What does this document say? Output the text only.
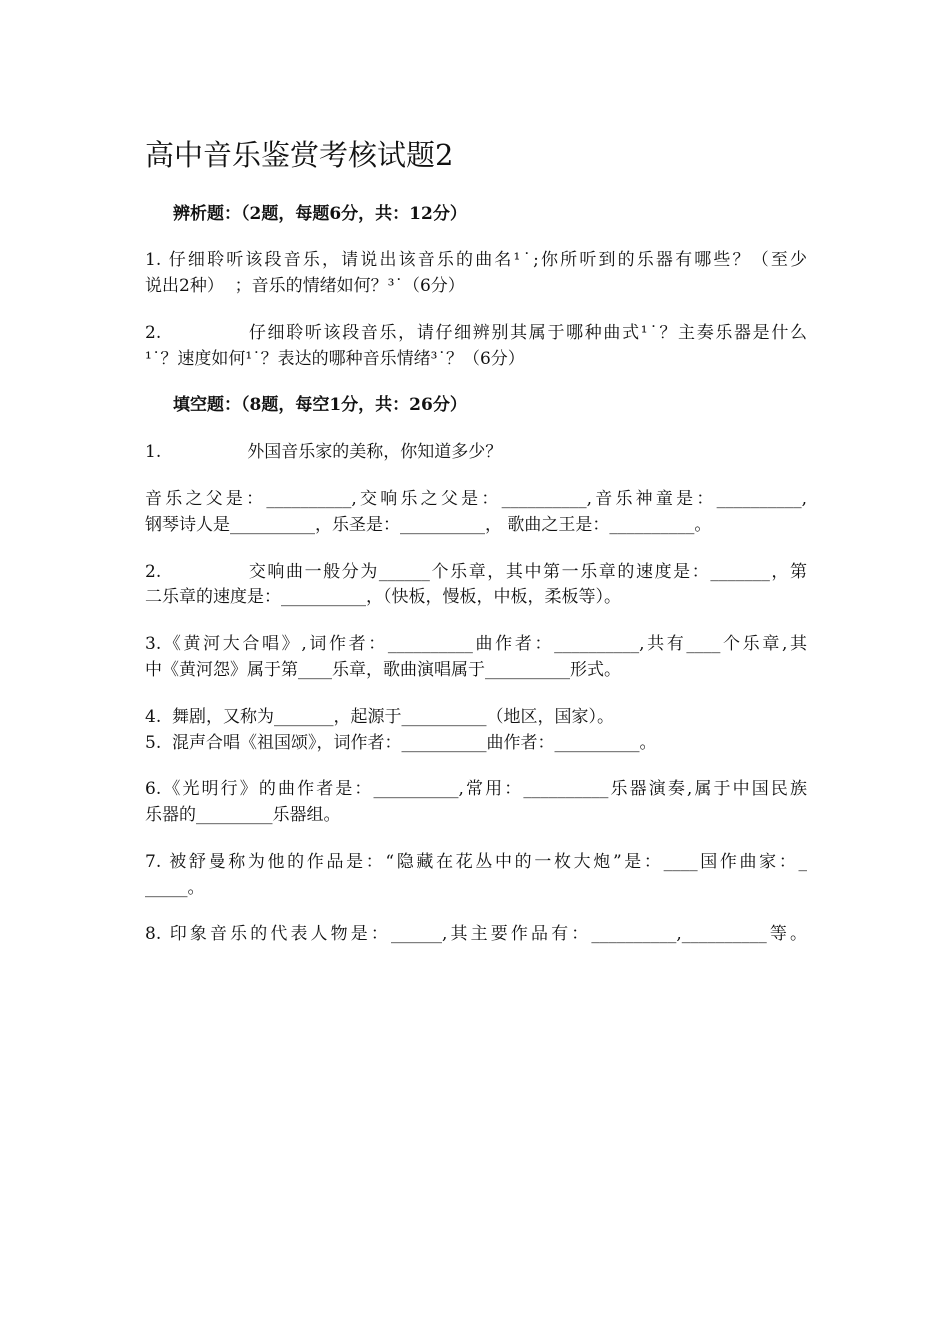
高中音乐鉴赏考核试题2

辨析题：（2题，每题6分，共：12分）

1. 仔细聆听该段音乐，请说出该音乐的曲名¹˙;你所听到的乐器有哪些？（至少

说出2种）  ；音乐的情绪如何？³˙（6分）

2.	仔细聆听该段音乐，请仔细辨别其属于哪种曲式¹˙？主奏乐器是什么

¹˙？速度如何¹˙？表达的哪种音乐情绪³˙？（6分）

填空题：（8题，每空1分，共：26分）

1.	外国音乐家的美称，你知道多少？

音乐之父是：__________,交响乐之父是：__________,音乐神童是：__________,

钢琴诗人是__________，乐圣是：__________， 歌曲之王是：__________。

2.	交响曲一般分为______个乐章，其中第一乐章的速度是：_______，第

二乐章的速度是：__________，（快板，慢板，中板，柔板等）。

3.《黄河大合唱》,词作者：__________曲作者：__________,共有____个乐章,其

中《黄河怨》属于第____乐章，歌曲演唱属于__________形式。

4.  舞剧，又称为_______，起源于__________（地区，国家）。

5.  混声合唱《祖国颂》，词作者：__________曲作者：__________。

6.《光明行》的曲作者是：__________,常用：__________乐器演奏,属于中国民族

乐器的_________乐器组。

7. 被舒曼称为他的作品是：“隐藏在花丛中的一枚大炮”是：____国作曲家：_

_____。

8. 印象音乐的代表人物是：______,其主要作品有：__________,__________等。
